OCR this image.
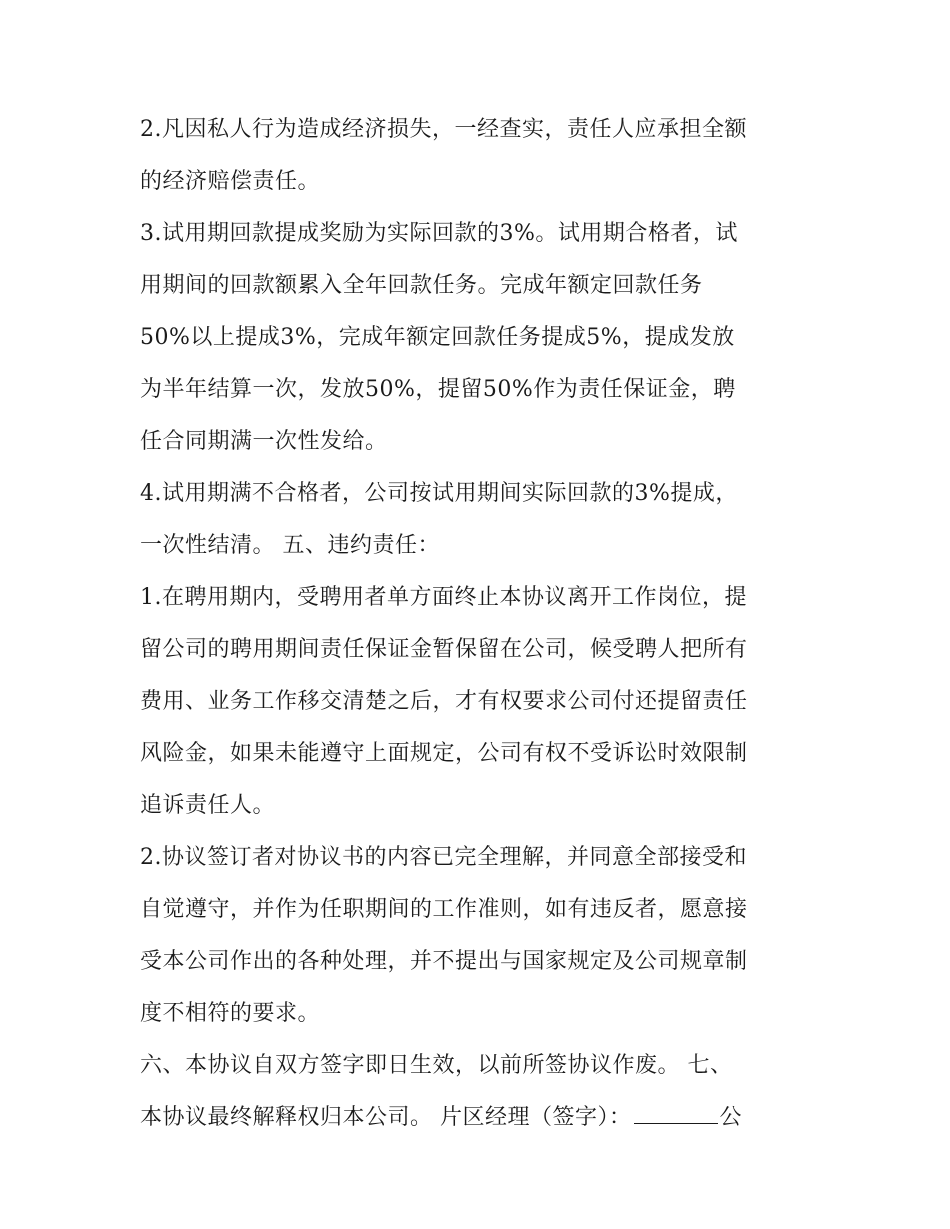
2.凡因私人行为造成经济损失，一经查实，责任人应承担全额
的经济赔偿责任。
3.试用期回款提成奖励为实际回款的3%。试用期合格者，试
用期间的回款额累入全年回款任务。完成年额定回款任务
50%以上提成3%，完成年额定回款任务提成5%，提成发放
为半年结算一次，发放50%，提留50%作为责任保证金，聘
任合同期满一次性发给。
4.试用期满不合格者，公司按试用期间实际回款的3%提成，
一次性结清。 五、违约责任：
1.在聘用期内，受聘用者单方面终止本协议离开工作岗位，提
留公司的聘用期间责任保证金暂保留在公司，候受聘人把所有
费用、业务工作移交清楚之后，才有权要求公司付还提留责任
风险金，如果未能遵守上面规定，公司有权不受诉讼时效限制
追诉责任人。
2.协议签订者对协议书的内容已完全理解，并同意全部接受和
自觉遵守，并作为任职期间的工作准则，如有违反者，愿意接
受本公司作出的各种处理，并不提出与国家规定及公司规章制
度不相符的要求。
六、本协议自双方签字即日生效，以前所签协议作废。 七、
本协议最终解释权归本公司。 片区经理（签字）：	公
